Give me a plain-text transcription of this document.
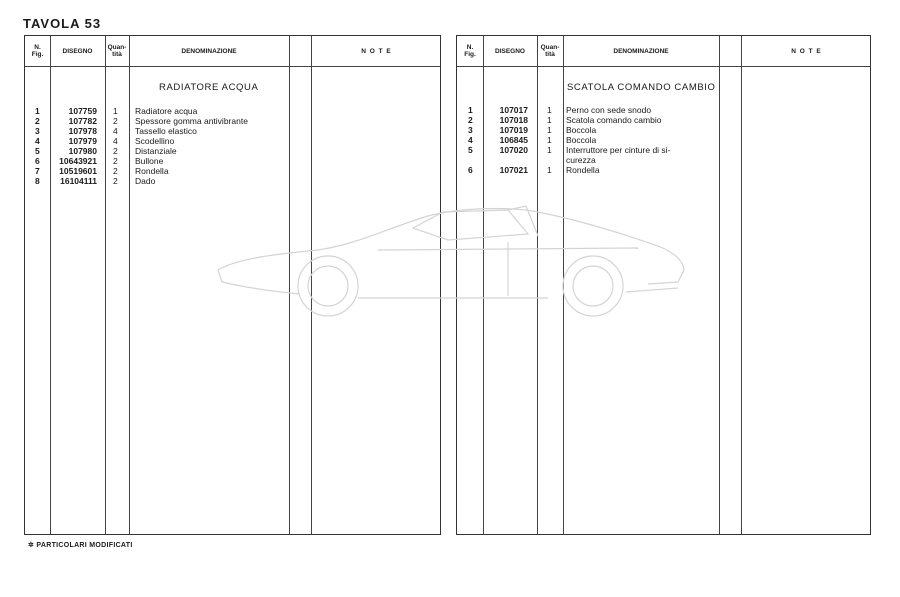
TAVOLA 53
N.
Fig.	DISEGNO	Quan-
tità	DENOMINAZIONE	N O T E
RADIATORE ACQUA
1	107759 1 Radiatore acqua
2	107782 2 Spessore gomma antivibrante
3	107978 4 Tassello elastico
4	107979 4 Scodellino
5	107980 2 Distanziale
6	10643921 2 Bullone
7	10519601 2 Rondella
8	16104111 2 Dado
N.
Fig.	DISEGNO	Quan-
tità	DENOMINAZIONE	N O T E
SCATOLA COMANDO CAMBIO
1	107017 1 Perno con sede snodo
2	107018 1 Scatola comando cambio
3	107019 1 Boccola
4	106845 1 Boccola
5	107020 1 Interruttore per cinture di si-
curezza
6	107021 1 Rondella
✲ PARTICOLARI MODIFICATI
